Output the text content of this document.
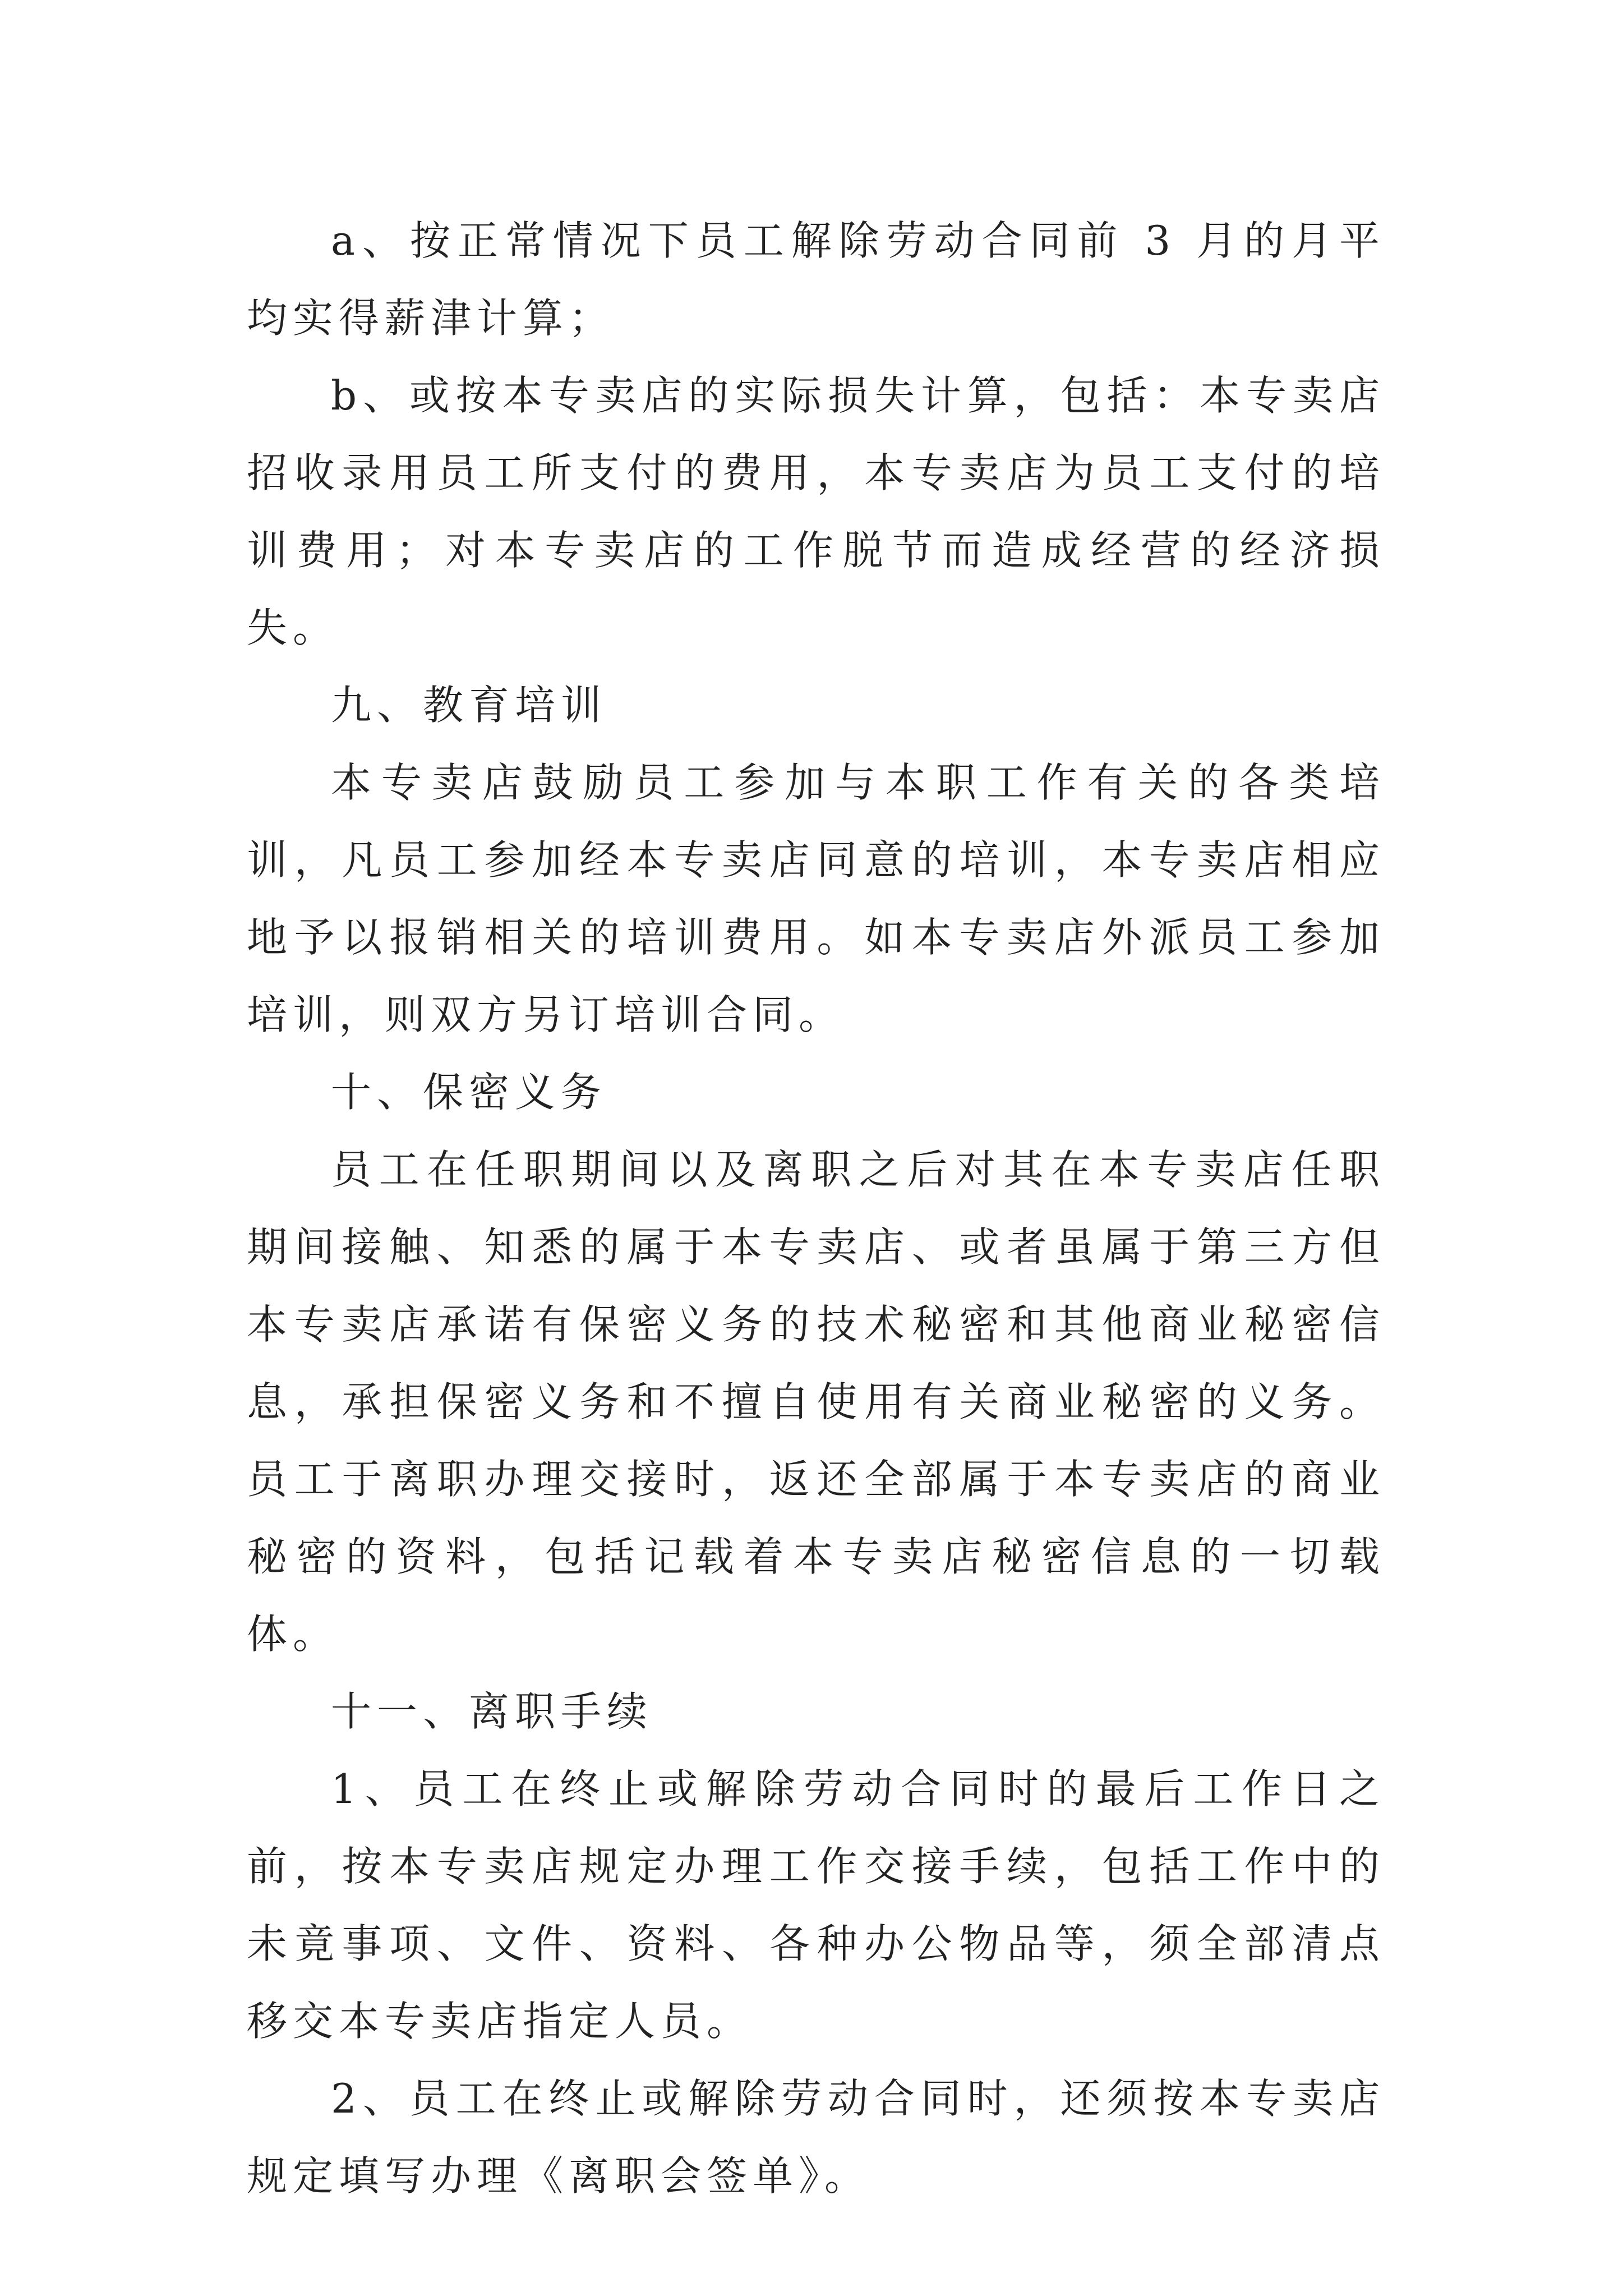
a、按正常情况下员工解除劳动合同前 3 月的月平均实得薪津计算；

b、或按本专卖店的实际损失计算，包括：本专卖店招收录用员工所支付的费用，本专卖店为员工支付的培训费用；对本专卖店的工作脱节而造成经营的经济损失。

九、教育培训

本专卖店鼓励员工参加与本职工作有关的各类培训，凡员工参加经本专卖店同意的培训，本专卖店相应地予以报销相关的培训费用。如本专卖店外派员工参加培训，则双方另订培训合同。

十、保密义务

员工在任职期间以及离职之后对其在本专卖店任职期间接触、知悉的属于本专卖店、或者虽属于第三方但本专卖店承诺有保密义务的技术秘密和其他商业秘密信息，承担保密义务和不擅自使用有关商业秘密的义务。员工于离职办理交接时，返还全部属于本专卖店的商业秘密的资料，包括记载着本专卖店秘密信息的一切载体。

十一、离职手续

1、员工在终止或解除劳动合同时的最后工作日之前，按本专卖店规定办理工作交接手续，包括工作中的未竟事项、文件、资料、各种办公物品等，须全部清点移交本专卖店指定人员。

2、员工在终止或解除劳动合同时，还须按本专卖店规定填写办理《离职会签单》。
